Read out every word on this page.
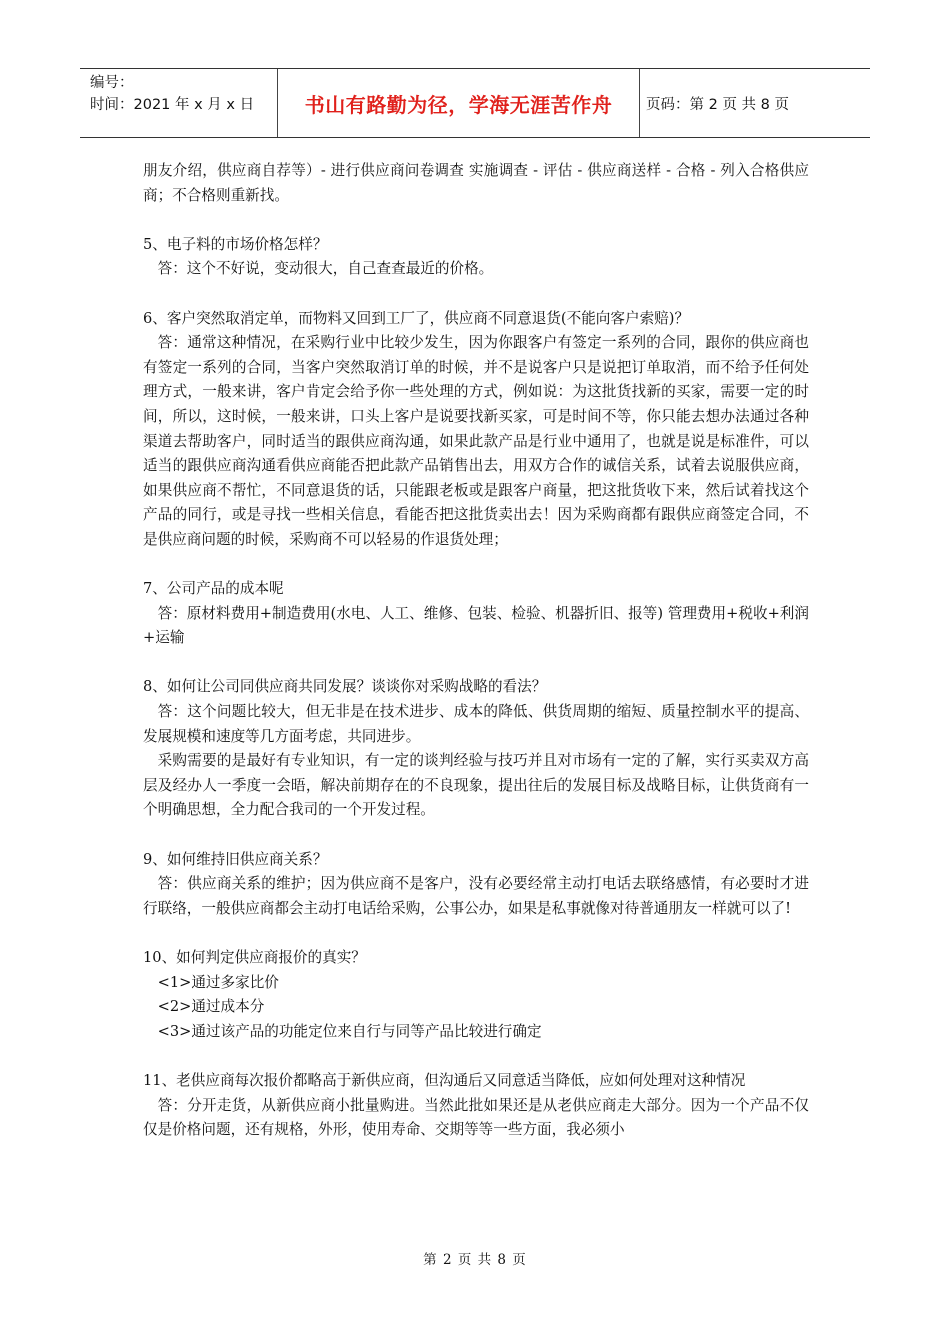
编号：
时间：2021 年 x 月 x 日	书山有路勤为径，学海无涯苦作舟	页码：第 2 页 共 8 页

朋友介绍，供应商自荐等）- 进行供应商问卷调查 实施调查 - 评估 - 供应商送样 - 合格 - 列入合格供应商；不合格则重新找。

5、电子料的市场价格怎样？

答：这个不好说，变动很大，自己查查最近的价格。

6、客户突然取消定单，而物料又回到工厂了，供应商不同意退货(不能向客户索赔)？

答：通常这种情况，在采购行业中比较少发生，因为你跟客户有签定一系列的合同，跟你的供应商也有签定一系列的合同，当客户突然取消订单的时候，并不是说客户只是说把订单取消，而不给予任何处理方式，一般来讲，客户肯定会给予你一些处理的方式，例如说：为这批货找新的买家，需要一定的时间，所以，这时候，一般来讲，口头上客户是说要找新买家，可是时间不等，你只能去想办法通过各种渠道去帮助客户，同时适当的跟供应商沟通，如果此款产品是行业中通用了，也就是说是标准件，可以适当的跟供应商沟通看供应商能否把此款产品销售出去，用双方合作的诚信关系，试着去说服供应商，如果供应商不帮忙，不同意退货的话，只能跟老板或是跟客户商量，把这批货收下来，然后试着找这个产品的同行，或是寻找一些相关信息，看能否把这批货卖出去！因为采购商都有跟供应商签定合同，不是供应商问题的时候，采购商不可以轻易的作退货处理；

7、公司产品的成本呢

答：原材料费用+制造费用(水电、人工、维修、包装、检验、机器折旧、报等) 管理费用+税收+利润+运输

8、如何让公司同供应商共同发展？谈谈你对采购战略的看法？

答：这个问题比较大，但无非是在技术进步、成本的降低、供货周期的缩短、质量控制水平的提高、发展规模和速度等几方面考虑，共同进步。

采购需要的是最好有专业知识，有一定的谈判经验与技巧并且对市场有一定的了解，实行买卖双方高层及经办人一季度一会晤，解决前期存在的不良现象，提出往后的发展目标及战略目标，让供货商有一个明确思想，全力配合我司的一个开发过程。

9、如何维持旧供应商关系？

答：供应商关系的维护；因为供应商不是客户，没有必要经常主动打电话去联络感情，有必要时才进行联络，一般供应商都会主动打电话给采购，公事公办，如果是私事就像对待普通朋友一样就可以了!

10、如何判定供应商报价的真实？

<1>通过多家比价

<2>通过成本分

<3>通过该产品的功能定位来自行与同等产品比较进行确定

11、老供应商每次报价都略高于新供应商，但沟通后又同意适当降低，应如何处理对这种情况

答：分开走货，从新供应商小批量购进。当然此批如果还是从老供应商走大部分。因为一个产品不仅仅是价格问题，还有规格，外形，使用寿命、交期等等一些方面，我必须小

第 2 页 共 8 页
